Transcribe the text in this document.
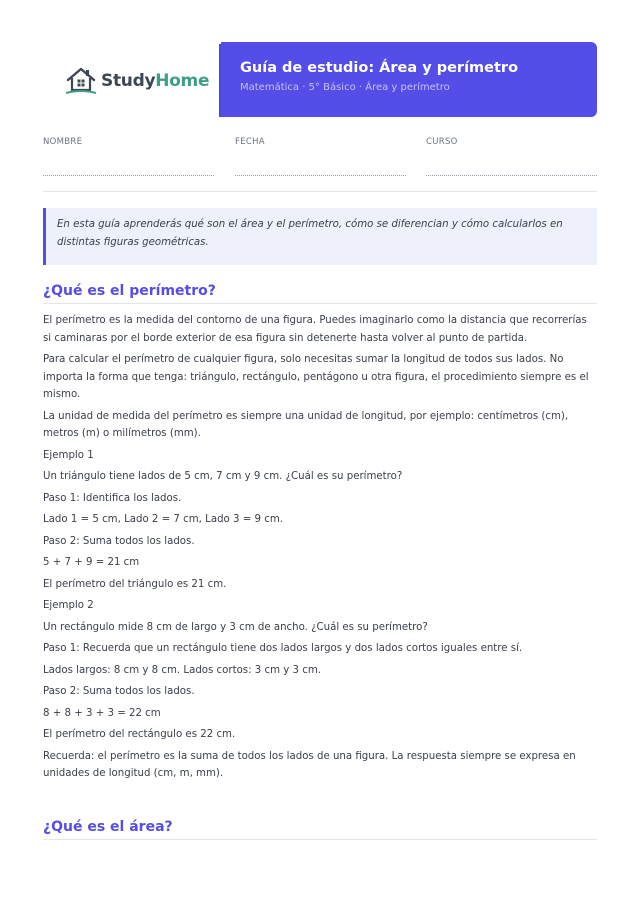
StudyHome
Guía de estudio: Área y perímetro
Matemática · 5° Básico · Área y perímetro
NOMBRE	FECHA	CURSO

En esta guía aprenderás qué son el área y el perímetro, cómo se diferencian y cómo calcularlos en distintas figuras geométricas.

¿Qué es el perímetro?

El perímetro es la medida del contorno de una figura. Puedes imaginarlo como la distancia que recorrerías si caminaras por el borde exterior de esa figura sin detenerte hasta volver al punto de partida.

Para calcular el perímetro de cualquier figura, solo necesitas sumar la longitud de todos sus lados. No importa la forma que tenga: triángulo, rectángulo, pentágono u otra figura, el procedimiento siempre es el mismo.

La unidad de medida del perímetro es siempre una unidad de longitud, por ejemplo: centímetros (cm), metros (m) o milímetros (mm).

Ejemplo 1

Un triángulo tiene lados de 5 cm, 7 cm y 9 cm. ¿Cuál es su perímetro?

Paso 1: Identifica los lados.

Lado 1 = 5 cm, Lado 2 = 7 cm, Lado 3 = 9 cm.

Paso 2: Suma todos los lados.

5 + 7 + 9 = 21 cm

El perímetro del triángulo es 21 cm.

Ejemplo 2

Un rectángulo mide 8 cm de largo y 3 cm de ancho. ¿Cuál es su perímetro?

Paso 1: Recuerda que un rectángulo tiene dos lados largos y dos lados cortos iguales entre sí.

Lados largos: 8 cm y 8 cm. Lados cortos: 3 cm y 3 cm.

Paso 2: Suma todos los lados.

8 + 8 + 3 + 3 = 22 cm

El perímetro del rectángulo es 22 cm.

Recuerda: el perímetro es la suma de todos los lados de una figura. La respuesta siempre se expresa en unidades de longitud (cm, m, mm).

¿Qué es el área?
